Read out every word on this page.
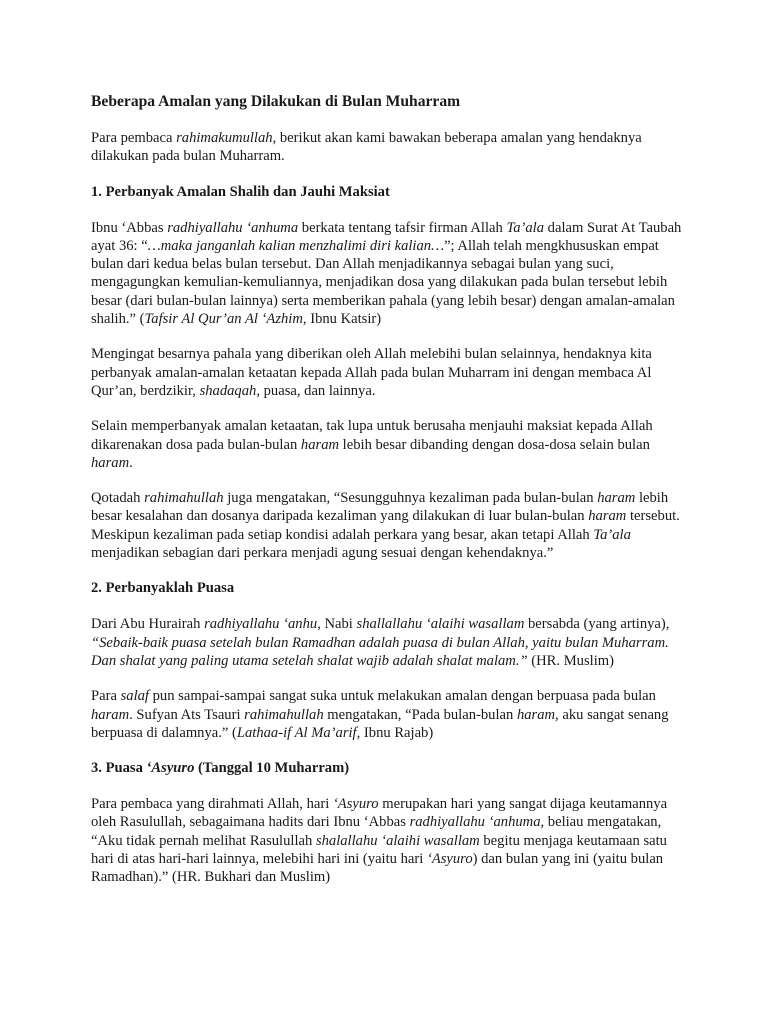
Beberapa Amalan yang Dilakukan di Bulan Muharram

Para pembaca rahimakumullah, berikut akan kami bawakan beberapa amalan yang hendaknya dilakukan pada bulan Muharram.

1. Perbanyak Amalan Shalih dan Jauhi Maksiat

Ibnu ‘Abbas radhiyallahu ‘anhuma berkata tentang tafsir firman Allah Ta’ala dalam Surat At Taubah ayat 36: “…maka janganlah kalian menzhalimi diri kalian…”; Allah telah mengkhususkan empat bulan dari kedua belas bulan tersebut. Dan Allah menjadikannya sebagai bulan yang suci, mengagungkan kemulian-kemuliannya, menjadikan dosa yang dilakukan pada bulan tersebut lebih besar (dari bulan-bulan lainnya) serta memberikan pahala (yang lebih besar) dengan amalan-amalan shalih.” (Tafsir Al Qur’an Al ‘Azhim, Ibnu Katsir)

Mengingat besarnya pahala yang diberikan oleh Allah melebihi bulan selainnya, hendaknya kita perbanyak amalan-amalan ketaatan kepada Allah pada bulan Muharram ini dengan membaca Al Qur’an, berdzikir, shadaqah, puasa, dan lainnya.

Selain memperbanyak amalan ketaatan, tak lupa untuk berusaha menjauhi maksiat kepada Allah dikarenakan dosa pada bulan-bulan haram lebih besar dibanding dengan dosa-dosa selain bulan haram.

Qotadah rahimahullah juga mengatakan, “Sesungguhnya kezaliman pada bulan-bulan haram lebih besar kesalahan dan dosanya daripada kezaliman yang dilakukan di luar bulan-bulan haram tersebut. Meskipun kezaliman pada setiap kondisi adalah perkara yang besar, akan tetapi Allah Ta’ala menjadikan sebagian dari perkara menjadi agung sesuai dengan kehendaknya.”

2. Perbanyaklah Puasa

Dari Abu Hurairah radhiyallahu ‘anhu, Nabi shallallahu ‘alaihi wasallam bersabda (yang artinya), “Sebaik-baik puasa setelah bulan Ramadhan adalah puasa di bulan Allah, yaitu bulan Muharram. Dan shalat yang paling utama setelah shalat wajib adalah shalat malam.” (HR. Muslim)

Para salaf pun sampai-sampai sangat suka untuk melakukan amalan dengan berpuasa pada bulan haram. Sufyan Ats Tsauri rahimahullah mengatakan, “Pada bulan-bulan haram, aku sangat senang berpuasa di dalamnya.” (Lathaa-if Al Ma’arif, Ibnu Rajab)

3. Puasa ‘Asyuro (Tanggal 10 Muharram)

Para pembaca yang dirahmati Allah, hari ‘Asyuro merupakan hari yang sangat dijaga keutamannya oleh Rasulullah, sebagaimana hadits dari Ibnu ‘Abbas radhiyallahu ‘anhuma, beliau mengatakan, “Aku tidak pernah melihat Rasulullah shalallahu ‘alaihi wasallam begitu menjaga keutamaan satu hari di atas hari-hari lainnya, melebihi hari ini (yaitu hari ‘Asyuro) dan bulan yang ini (yaitu bulan Ramadhan).” (HR. Bukhari dan Muslim)
